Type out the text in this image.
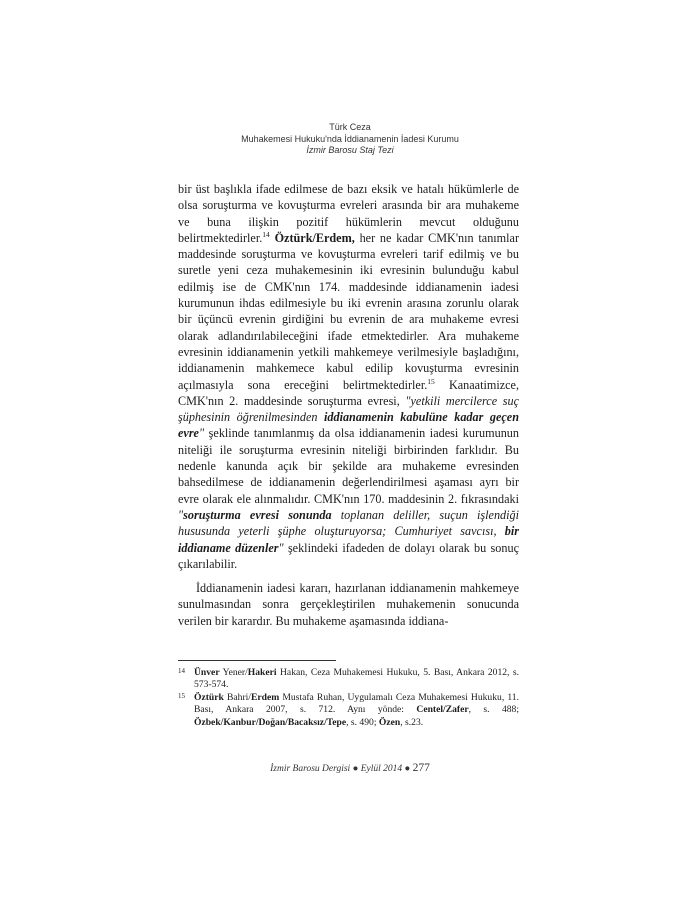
Türk Ceza
Muhakemesi Hukuku'nda İddianamenin İadesi Kurumu
İzmir Barosu Staj Tezi

bir üst başlıkla ifade edilmese de bazı eksik ve hatalı hükümlerle de olsa soruşturma ve kovuşturma evreleri arasında bir ara muhakeme ve buna ilişkin pozitif hükümlerin mevcut olduğunu belirtmektedirler.$^{14}$ Öztürk/Erdem, her ne kadar CMK'nın tanımlar maddesinde soruşturma ve kovuşturma evreleri tarif edilmiş ve bu suretle yeni ceza muhakemesinin iki evresinin bulunduğu kabul edilmiş ise de CMK'nın 174. maddesinde iddianamenin iadesi kurumunun ihdas edilmesiyle bu iki evrenin arasına zorunlu olarak bir üçüncü evrenin girdiğini bu evrenin de ara muhakeme evresi olarak adlandırılabileceğini ifade etmektedirler. Ara muhakeme evresinin iddianamenin yetkili mahkemeye verilmesiyle başladığını, iddianamenin mahkemece kabul edilip kovuşturma evresinin açılmasıyla sona ereceğini belirtmektedirler.$^{15}$ Kanaatimizce, CMK'nın 2. maddesinde soruşturma evresi, "yetkili mercilerce suç şüphesinin öğrenilmesinden iddianamenin kabulüne kadar geçen evre" şeklinde tanımlanmış da olsa iddianamenin iadesi kurumunun niteliği ile soruşturma evresinin niteliği birbirinden farklıdır. Bu nedenle kanunda açık bir şekilde ara muhakeme evresinden bahsedilmese de iddianamenin değerlendirilmesi aşaması ayrı bir evre olarak ele alınmalıdır. CMK'nın 170. maddesinin 2. fıkrasındaki "soruşturma evresi sonunda toplanan deliller, suçun işlendiği hususunda yeterli şüphe oluşturuyorsa; Cumhuriyet savcısı, bir iddianame düzenler" şeklindeki ifadeden de dolayı olarak bu sonuç çıkarılabilir.

İddianamenin iadesi kararı, hazırlanan iddianamenin mahkemeye sunulmasından sonra gerçekleştirilen muhakemenin sonucunda verilen bir karardır. Bu muhakeme aşamasında iddiana-

14 Ünver Yener/Hakeri Hakan, Ceza Muhakemesi Hukuku, 5. Bası, Ankara 2012, s. 573-574.
15 Öztürk Bahri/Erdem Mustafa Ruhan, Uygulamalı Ceza Muhakemesi Hukuku, 11. Bası, Ankara 2007, s. 712. Aynı yönde: Centel/Zafer, s. 488; Özbek/Kanbur/Doğan/Bacaksız/Tepe, s. 490; Özen, s.23.
İzmir Barosu Dergisi ● Eylül 2014 ● 277
